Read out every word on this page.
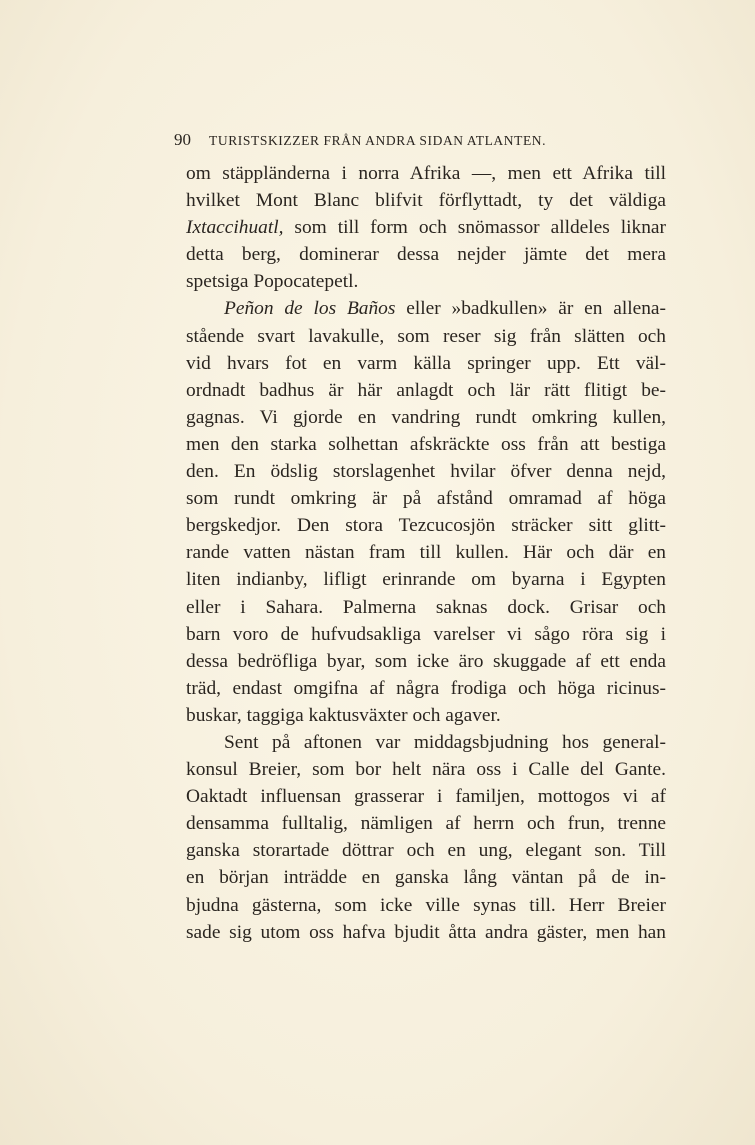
90 TURISTSKIZZER FRÅN ANDRA SIDAN ATLANTEN.
om stäppländerna i norra Afrika —, men ett Afrika till
hvilket Mont Blanc blifvit förflyttadt, ty det väldiga
Ixtaccihuatl, som till form och snömassor alldeles liknar
detta berg, dominerar dessa nejder jämte det mera
spetsiga Popocatepetl.
Peñon de los Baños eller »badkullen» är en allena-
stående svart lavakulle, som reser sig från slätten och
vid hvars fot en varm källa springer upp. Ett väl-
ordnadt badhus är här anlagdt och lär rätt flitigt be-
gagnas. Vi gjorde en vandring rundt omkring kullen,
men den starka solhettan afskräckte oss från att bestiga
den. En ödslig storslagenhet hvilar öfver denna nejd,
som rundt omkring är på afstånd omramad af höga
bergskedjor. Den stora Tezcucosjön sträcker sitt glitt-
rande vatten nästan fram till kullen. Här och där en
liten indianby, lifligt erinrande om byarna i Egypten
eller i Sahara. Palmerna saknas dock. Grisar och
barn voro de hufvudsakliga varelser vi sågo röra sig i
dessa bedröfliga byar, som icke äro skuggade af ett enda
träd, endast omgifna af några frodiga och höga ricinus-
buskar, taggiga kaktusväxter och agaver.
Sent på aftonen var middagsbjudning hos general-
konsul Breier, som bor helt nära oss i Calle del Gante.
Oaktadt influensan grasserar i familjen, mottogos vi af
densamma fulltalig, nämligen af herrn och frun, trenne
ganska storartade döttrar och en ung, elegant son. Till
en början inträdde en ganska lång väntan på de in-
bjudna gästerna, som icke ville synas till. Herr Breier
sade sig utom oss hafva bjudit åtta andra gäster, men han
